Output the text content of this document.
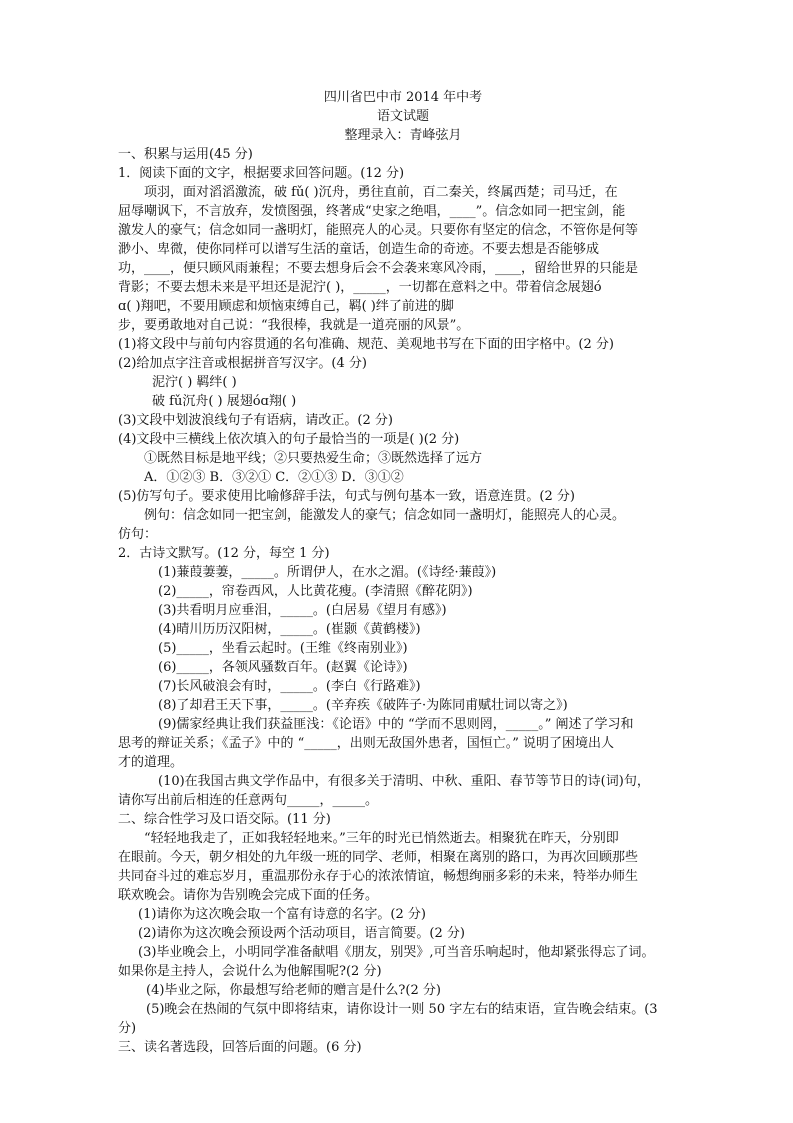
四川省巴中市 2014 年中考
语文试题
整理录入：青峰弦月
一、积累与运用(45 分)
1．阅读下面的文字，根据要求回答问题。(12 分)
项羽，面对滔滔激流，破 fǔ( )沉舟，勇往直前，百二秦关，终属西楚；司马迁，在
屈辱嘲讽下，不言放弃，发愤图强，终著成“史家之绝唱，____”。信念如同一把宝剑，能
激发人的豪气；信念如同一盏明灯，能照亮人的心灵。只要你有坚定的信念，不管你是何等
渺小、卑微，使你同样可以谱写生活的童话，创造生命的奇迹。不要去想是否能够成
功，____，便只顾风雨兼程；不要去想身后会不会袭来寒风冷雨，____，留给世界的只能是
背影；不要去想未来是平坦还是泥泞( )，_____，一切都在意料之中。带着信念展翅ó
ɑ( )翔吧，不要用顾虑和烦恼束缚自己，羁( )绊了前进的脚
步，要勇敢地对自己说：“我很棒，我就是一道亮丽的风景”。
(1)将文段中与前句内容贯通的名句准确、规范、美观地书写在下面的田字格中。(2 分)
(2)给加点字注音或根据拼音写汉字。(4 分)
泥泞( ) 羁绊( )
破 fǔ沉舟( ) 展翅óɑ翔( )
(3)文段中划波浪线句子有语病，请改正。(2 分)
(4)文段中三横线上依次填入的句子最恰当的一项是( )(2 分)
①既然目标是地平线；②只要热爱生命；③既然选择了远方
A．①②③ B．③②① C．②①③ D．③①②
(5)仿写句子。要求使用比喻修辞手法，句式与例句基本一致，语意连贯。(2 分)
例句：信念如同一把宝剑，能激发人的豪气；信念如同一盏明灯，能照亮人的心灵。
仿句：
2．古诗文默写。(12 分，每空 1 分)
(1)蒹葭萋萋，_____。所谓伊人，在水之湄。(《诗经·蒹葭》)
(2)_____，帘卷西风，人比黄花瘦。(李清照《醉花阴》)
(3)共看明月应垂泪，_____。(白居易《望月有感》)
(4)晴川历历汉阳树，_____。(崔颢《黄鹤楼》)
(5)_____，坐看云起时。(王维《终南别业》)
(6)_____，各领风骚数百年。(赵翼《论诗》)
(7)长风破浪会有时，_____。(李白《行路难》)
(8)了却君王天下事，_____。(辛弃疾《破阵子·为陈同甫赋壮词以寄之》)
(9)儒家经典让我们获益匪浅：《论语》中的 “学而不思则罔，_____。” 阐述了学习和
思考的辩证关系；《孟子》中的 “_____，出则无敌国外患者，国恒亡。” 说明了困境出人
才的道理。
(10)在我国古典文学作品中，有很多关于清明、中秋、重阳、春节等节日的诗(词)句，
请你写出前后相连的任意两句_____，_____。
二、综合性学习及口语交际。(11 分)
“轻轻地我走了，正如我轻轻地来。”三年的时光已悄然逝去。相聚犹在昨天，分别即
在眼前。今天，朝夕相处的九年级一班的同学、老师，相聚在离别的路口，为再次回顾那些
共同奋斗过的难忘岁月，重温那份永存于心的浓浓情谊，畅想绚丽多彩的未来，特举办师生
联欢晚会。请你为告别晚会完成下面的任务。
(1)请你为这次晚会取一个富有诗意的名字。(2 分)
(2)请你为这次晚会预设两个活动项目，语言简要。(2 分)
(3)毕业晚会上，小明同学准备献唱《朋友，别哭》,可当音乐响起时，他却紧张得忘了词。
如果你是主持人，会说什么为他解围呢?(2 分)
(4)毕业之际，你最想写给老师的赠言是什么?(2 分)
(5)晚会在热闹的气氛中即将结束，请你设计一则 50 字左右的结束语，宣告晚会结束。(3
分)
三、读名著选段，回答后面的问题。(6 分)
